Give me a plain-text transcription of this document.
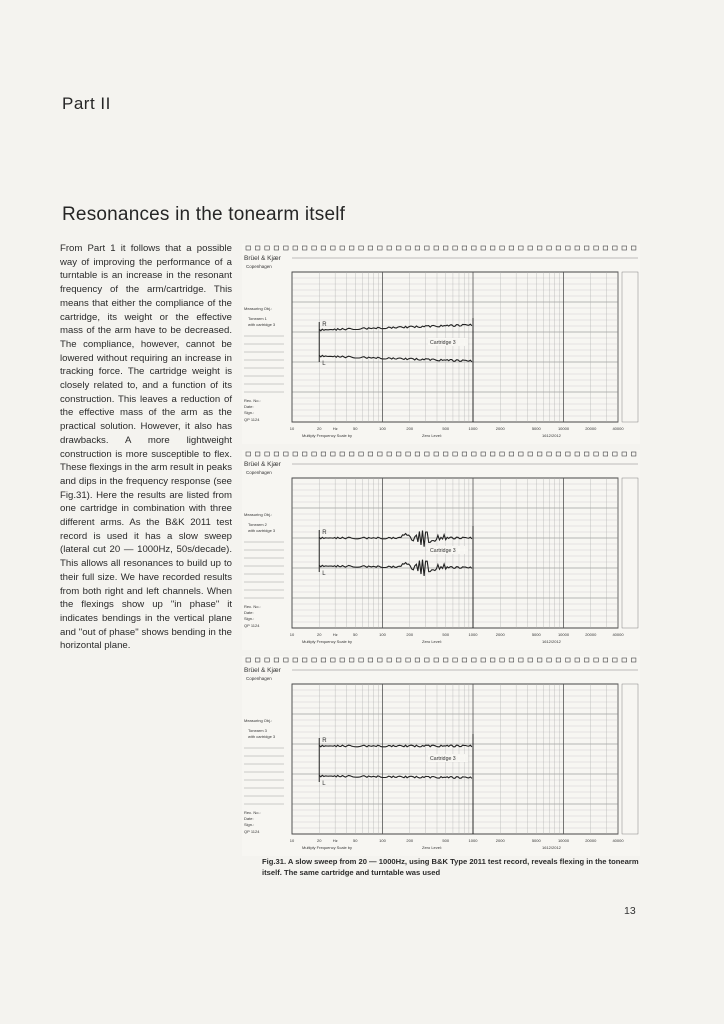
Part II
Resonances in the tonearm itself

From Part 1 it follows that a possible way of improving the performance of a turntable is an increase in the resonant frequency of the arm/cartridge. This means that either the compliance of the cartridge, its weight or the effective mass of the arm have to be decreased. The compliance, however, cannot be lowered without requiring an increase in tracking force. The cartridge weight is closely related to, and a function of its construction. This leaves a reduction of the effective mass of the arm as the practical solution. However, it also has drawbacks. A more lightweight construction is more susceptible to flex. These flexings in the arm result in peaks and dips in the frequency response (see Fig.31). Here the results are listed from one cartridge in combination with three different arms. As the B&K 2011 test record is used it has a slow sweep (lateral cut 20 — 1000Hz, 50s/decade). This allows all resonances to build up to their full size. We have recorded results from both right and left channels. When the flexings show up "in phase" it indicates bendings in the vertical plane and "out of phase" shows bending in the horizontal plane.

Brüel & Kjær
Copenhagen
Measuring Obj.:
Tonearm 1
with cartridge 3
Rec. No.:
Date:
Sign.:
QP 1124
10	20	Hz	50	100	200	500	1000	2000	5000	10000	20000	40000
Multiply Frequency Scale by	Zero Level:	1612/2012
R
L
Cartridge 3
Brüel & Kjær
Copenhagen
Measuring Obj.:
Tonearm 2
with cartridge 3
Rec. No.:
Date:
Sign.:
QP 1124
10	20	Hz	50	100	200	500	1000	2000	5000	10000	20000	40000
Multiply Frequency Scale by	Zero Level:	1612/2012
R
L
Cartridge 3
Brüel & Kjær
Copenhagen
Measuring Obj.:
Tonearm 3
with cartridge 3
Rec. No.:
Date:
Sign.:
QP 1124
10	20	Hz	50	100	200	500	1000	2000	5000	10000	20000	40000
Multiply Frequency Scale by	Zero Level:	1612/2012
R
L
Cartridge 3

Fig.31. A slow sweep from 20 — 1000Hz, using B&K Type 2011 test record, reveals flexing in the tonearm itself. The same cartridge and turntable was used

13
